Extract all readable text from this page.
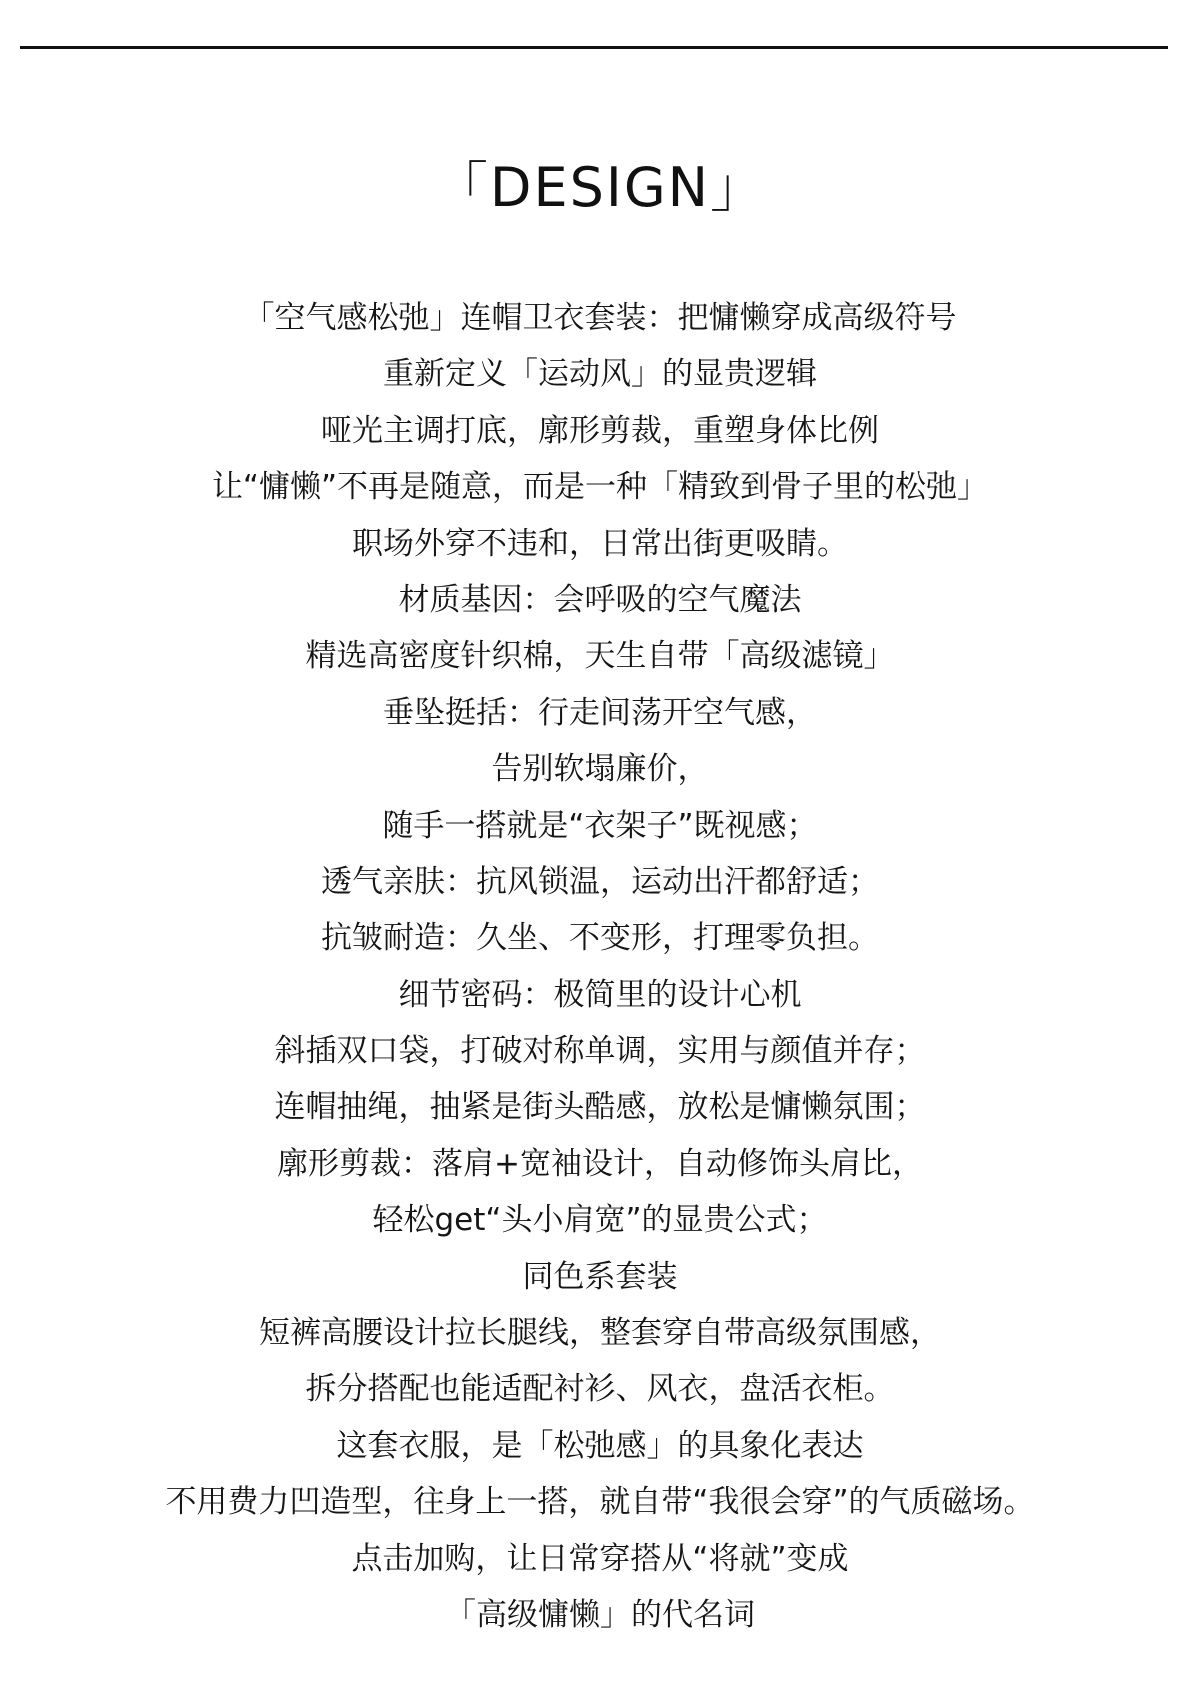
「DESIGN」
「空气感松弛」连帽卫衣套装：把慵懒穿成高级符号
重新定义「运动风」的显贵逻辑
哑光主调打底，廓形剪裁，重塑身体比例
让“慵懒”不再是随意，而是一种「精致到骨子里的松弛」
职场外穿不违和，日常出街更吸睛。
材质基因：会呼吸的空气魔法
精选高密度针织棉，天生自带「高级滤镜」
垂坠挺括：行走间荡开空气感，
告别软塌廉价，
随手一搭就是“衣架子”既视感；
透气亲肤：抗风锁温，运动出汗都舒适；
抗皱耐造：久坐、不变形，打理零负担。
细节密码：极简里的设计心机
斜插双口袋，打破对称单调，实用与颜值并存；
连帽抽绳，抽紧是街头酷感，放松是慵懒氛围；
廓形剪裁：落肩+宽袖设计，自动修饰头肩比，
轻松get“头小肩宽”的显贵公式；
同色系套装
短裤高腰设计拉长腿线，整套穿自带高级氛围感，
拆分搭配也能适配衬衫、风衣，盘活衣柜。
这套衣服，是「松弛感」的具象化表达
不用费力凹造型，往身上一搭，就自带“我很会穿”的气质磁场。
点击加购，让日常穿搭从“将就”变成
「高级慵懒」的代名词
